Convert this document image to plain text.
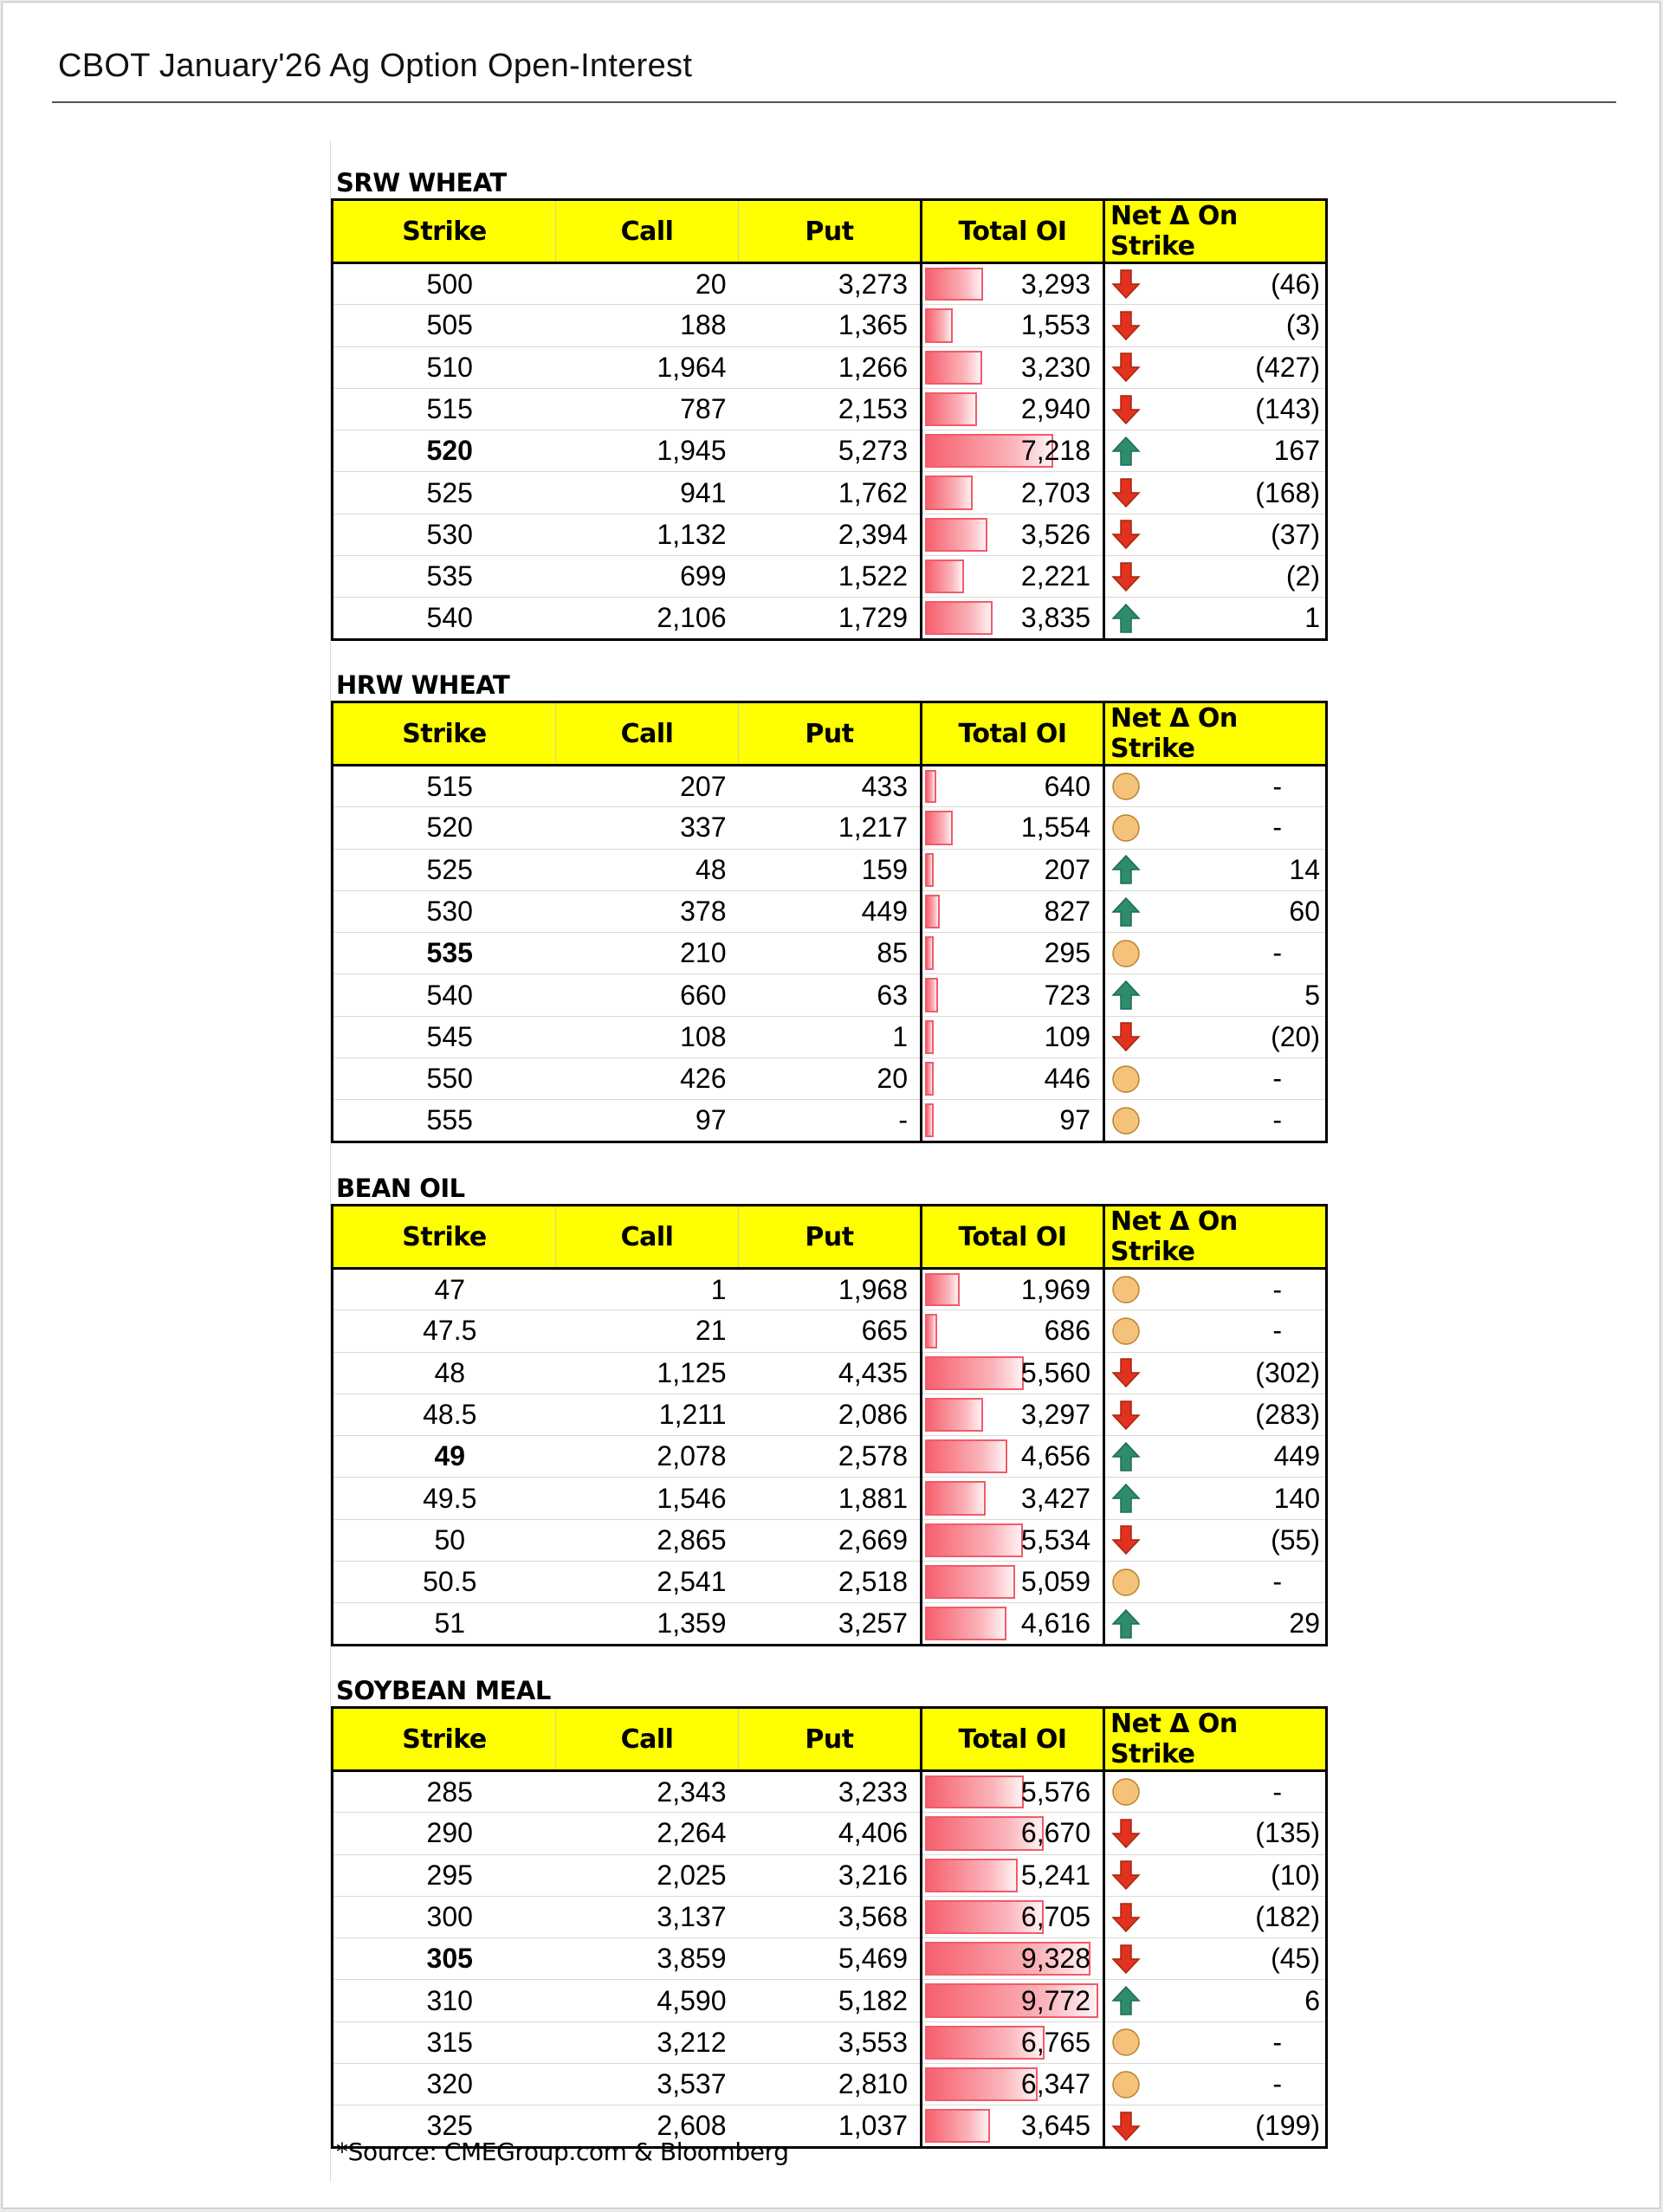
CBOT January'26 Ag Option Open-Interest
SRW WHEAT
Strike	Call	Put	Total OI	Net Δ On Strike
500	20	3,273	3,293	(46)

505	188	1,365	1,553	(3)

510	1,964	1,266	3,230	(427)

515	787	2,153	2,940	(143)

520	1,945	5,273	7,218	167

525	941	1,762	2,703	(168)

530	1,132	2,394	3,526	(37)

535	699	1,522	2,221	(2)

540	2,106	1,729	3,835	1
HRW WHEAT
Strike	Call	Put	Total OI	Net Δ On Strike
515	207	433	640	-

520	337	1,217	1,554	-

525	48	159	207	14

530	378	449	827	60

535	210	85	295	-

540	660	63	723	5

545	108	1	109	(20)

550	426	20	446	-

555	97	-	97	-
BEAN OIL
Strike	Call	Put	Total OI	Net Δ On Strike
47	1	1,968	1,969	-

47.5	21	665	686	-

48	1,125	4,435	5,560	(302)

48.5	1,211	2,086	3,297	(283)

49	2,078	2,578	4,656	449

49.5	1,546	1,881	3,427	140

50	2,865	2,669	5,534	(55)

50.5	2,541	2,518	5,059	-

51	1,359	3,257	4,616	29
SOYBEAN MEAL
Strike	Call	Put	Total OI	Net Δ On Strike
285	2,343	3,233	5,576	-

290	2,264	4,406	6,670	(135)

295	2,025	3,216	5,241	(10)

300	3,137	3,568	6,705	(182)

305	3,859	5,469	9,328	(45)

310	4,590	5,182	9,772	6

315	3,212	3,553	6,765	-

320	3,537	2,810	6,347	-

325	2,608	1,037	3,645	(199)
*Source: CMEGroup.com & Bloomberg
